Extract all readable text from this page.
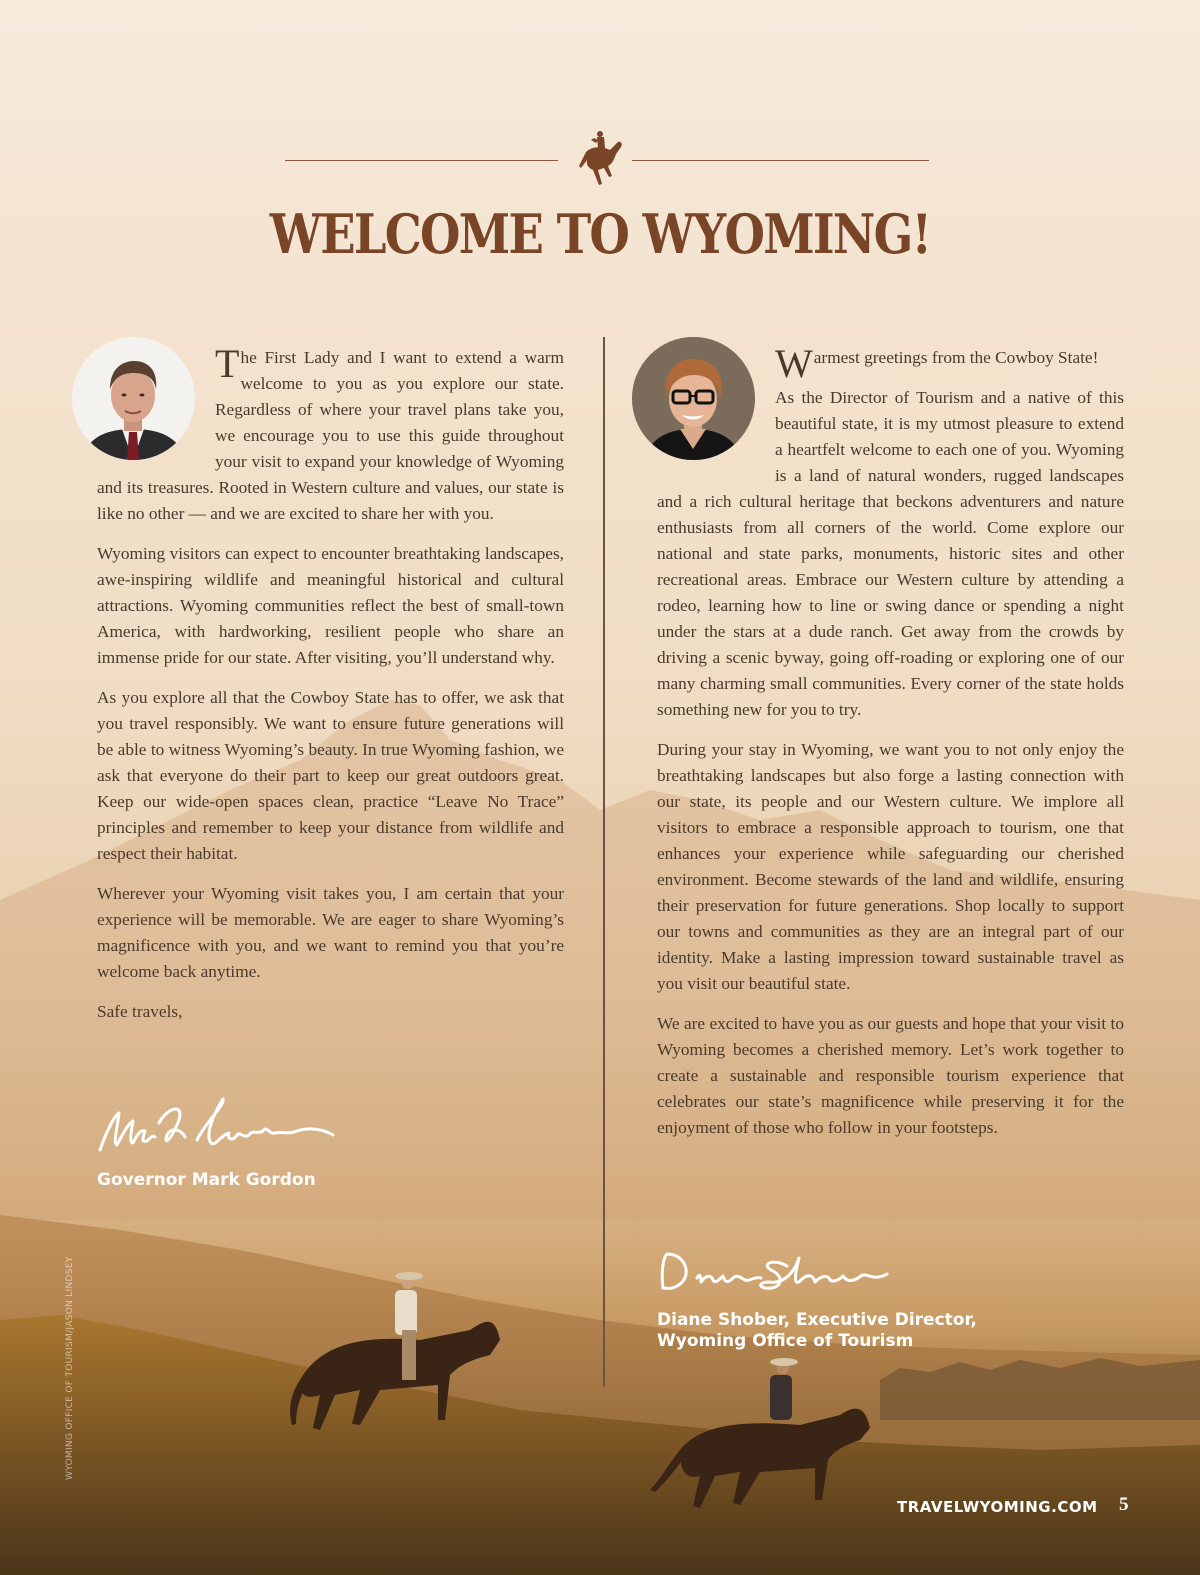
WELCOME TO WYOMING!

The First Lady and I want to extend a warm welcome to you as you explore our state. Regardless of where your travel plans take you, we encourage you to use this guide throughout your visit to expand your knowledge of Wyoming and its treasures. Rooted in Western culture and values, our state is like no other — and we are excited to share her with you.

Wyoming visitors can expect to encounter breathtaking landscapes, awe-inspiring wildlife and meaningful historical and cultural attractions. Wyoming communities reflect the best of small-town America, with hardworking, resilient people who share an immense pride for our state. After visiting, you’ll understand why.

As you explore all that the Cowboy State has to offer, we ask that you travel responsibly. We want to ensure future generations will be able to witness Wyoming’s beauty. In true Wyoming fashion, we ask that everyone do their part to keep our great outdoors great. Keep our wide-open spaces clean, practice “Leave No Trace” principles and remember to keep your distance from wildlife and respect their habitat.

Wherever your Wyoming visit takes you, I am certain that your experience will be memorable. We are eager to share Wyoming’s magnificence with you, and we want to remind you that you’re welcome back anytime.

Safe travels,

Governor Mark Gordon

Warmest greetings from the Cowboy State!

As the Director of Tourism and a native of this beautiful state, it is my utmost pleasure to extend a heartfelt welcome to each one of you. Wyoming is a land of natural wonders, rugged landscapes and a rich cultural heritage that beckons adventurers and nature enthusiasts from all corners of the world. Come explore our national and state parks, monuments, historic sites and other recreational areas. Embrace our Western culture by attending a rodeo, learning how to line or swing dance or spending a night under the stars at a dude ranch. Get away from the crowds by driving a scenic byway, going off-roading or exploring one of our many charming small communities. Every corner of the state holds something new for you to try.

During your stay in Wyoming, we want you to not only enjoy the breathtaking landscapes but also forge a lasting connection with our state, its people and our Western culture. We implore all visitors to embrace a responsible approach to tourism, one that enhances your experience while safeguarding our cherished environment. Become stewards of the land and wildlife, ensuring their preservation for future generations. Shop locally to support our towns and communities as they are an integral part of our identity. Make a lasting impression toward sustainable travel as you visit our beautiful state.

We are excited to have you as our guests and hope that your visit to Wyoming becomes a cherished memory. Let’s work together to create a sustainable and responsible tourism experience that celebrates our state’s magnificence while preserving it for the enjoyment of those who follow in your footsteps.

Diane Shober, Executive Director,
Wyoming Office of Tourism
WYOMING OFFICE OF TOURISM/JASON LINDSEY
TRAVELWYOMING.COM 5
